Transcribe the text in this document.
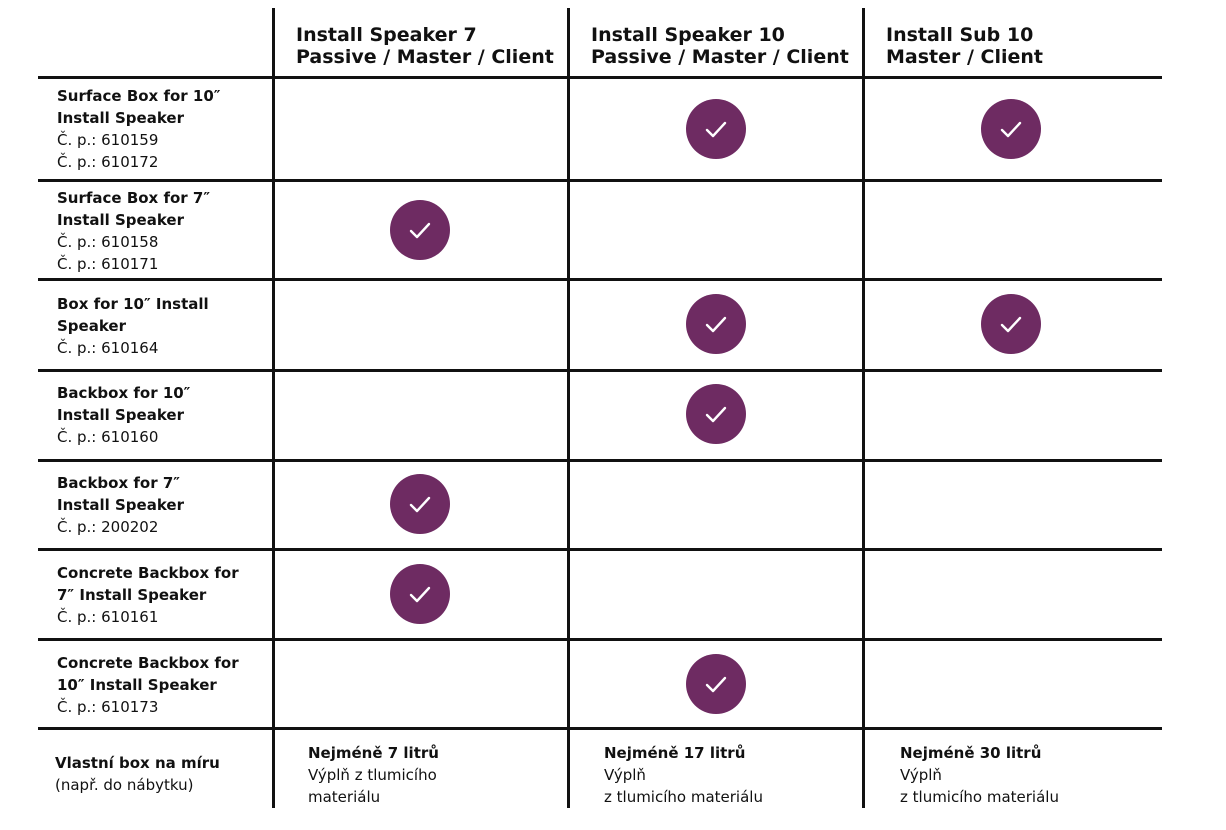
Install Speaker 7
Passive / Master / Client
Install Speaker 10
Passive / Master / Client
Install Sub 10
Master / Client
Surface Box for 10″
Install Speaker
Č. p.: 610159
Č. p.: 610172
Surface Box for 7″
Install Speaker
Č. p.: 610158
Č. p.: 610171
Box for 10″ Install
Speaker
Č. p.: 610164
Backbox for 10″
Install Speaker
Č. p.: 610160
Backbox for 7″
Install Speaker
Č. p.: 200202
Concrete Backbox for
7″ Install Speaker
Č. p.: 610161
Concrete Backbox for
10″ Install Speaker
Č. p.: 610173
Vlastní box na míru
(např. do nábytku)
Nejméně 7 litrů
Výplň z tlumicího
materiálu
Nejméně 17 litrů
Výplň
z tlumicího materiálu
Nejméně 30 litrů
Výplň
z tlumicího materiálu
